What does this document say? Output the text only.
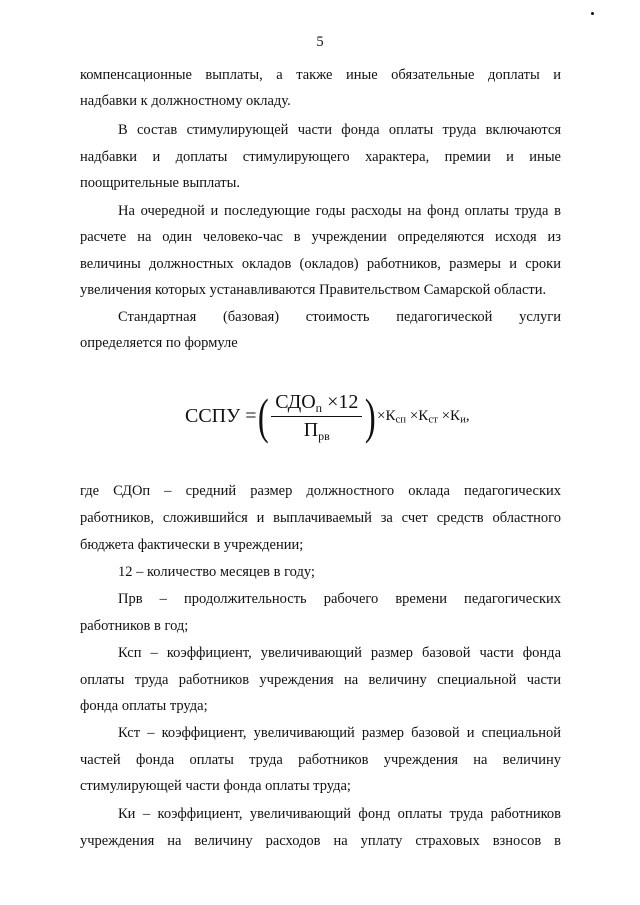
5
компенсационные выплаты, а также иные обязательные доплаты и
надбавки к должностному окладу.
В состав стимулирующей части фонда оплаты труда включаются
надбавки и доплаты стимулирующего характера, премии и иные
поощрительные выплаты.
На очередной и последующие годы расходы на фонд оплаты труда в
расчете на один человеко-час в учреждении определяются исходя из
величины должностных окладов (окладов) работников, размеры и сроки
увеличения которых устанавливаются Правительством Самарской области.
Стандартная (базовая) стоимость педагогической услуги
определяется по формуле
ССПУ = ( $\frac{СДО_п \times 12}{П_{рв}}$ ) ×Ксп ×Кст ×Ки,
где СДОп – средний размер должностного оклада педагогических
работников, сложившийся и выплачиваемый за счет средств областного
бюджета фактически в учреждении;
12 – количество месяцев в году;
Прв – продолжительность рабочего времени педагогических
работников в год;
Ксп – коэффициент, увеличивающий размер базовой части фонда
оплаты труда работников учреждения на величину специальной части
фонда оплаты труда;
Кст – коэффициент, увеличивающий размер базовой и специальной
частей фонда оплаты труда работников учреждения на величину
стимулирующей части фонда оплаты труда;
Ки – коэффициент, увеличивающий фонд оплаты труда работников
учреждения на величину расходов на уплату страховых взносов в
